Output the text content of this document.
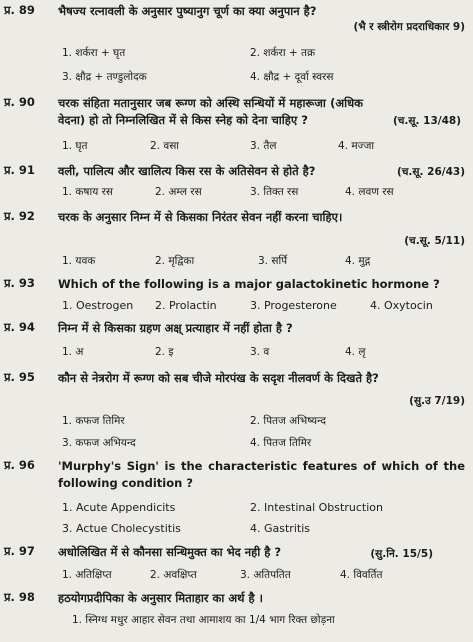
प्र. 89 भैषज्य रत्नावली के अनुसार पुष्यानुग चूर्ण का क्या अनुपान है?
(भै र स्त्रीरोग प्रदराधिकार 9)
1. शर्करा + घृत	2. शर्करा + तक्र
3. क्षौद्र + तण्डुलोदक	4. क्षौद्र + दूर्वा स्वरस
प्र. 90 चरक संहिता मतानुसार जब रूग्ण को अस्थि सन्धियों में महारूजा (अधिक वेदना) हो तो निम्नलिखित में से किस स्नेह को देना चाहिए ?	(च.सू. 13/48)
1. घृत	2. वसा	3. तैल	4. मज्जा
प्र. 91 वली, पालित्य और खालित्य किस रस के अतिसेवन से होते है?	(च.सू. 26/43)
1. कषाय रस	2. अम्ल रस	3. तिक्त रस	4. लवण रस
प्र. 92 चरक के अनुसार निम्न में से किसका निरंतर सेवन नहीं करना चाहिए।
(च.सू. 5/11)
1. यवक	2. मृद्विका	3. सर्पि	4. मुद्ग
प्र. 93 Which of the following is a major galactokinetic hormone ?
1. Oestrogen 2. Prolactin	3. Progesterone	4. Oxytocin
प्र. 94 निम्न में से किसका ग्रहण अक्ष् प्रत्याहार में नहीं होता है ?
1. अ	2. इ	3. व	4. लृ
प्र. 95 कौन से नेत्ररोग में रूग्ण को सब चीजे मोरपंख के सदृश नीलवर्ण के दिखते है?
(सु.उ 7/19)
1. कफज तिमिर	2. पितज अभिष्यन्द
3. कफज अभियन्द	4. पितज तिमिर
प्र. 96 'Murphy's Sign' is the characteristic features of which of the following condition ?
1. Acute Appendicits	2. Intestinal Obstruction
3. Actue Cholecystitis	4. Gastritis
प्र. 97 अधोलिखित में से कौनसा सन्धिमुक्त का भेद नही है ?	(सु.नि. 15/5)
1. अतिक्षिप्त	2. अवक्षिप्त	3. अतिपतित	4. विवर्तित
प्र. 98 हठयोगप्रदीपिका के अनुसार मिताहार का अर्थ है ।
1. स्निग्ध मधुर आहार सेवन तथा आमाशय का 1/4 भाग रिक्त छोड़ना
